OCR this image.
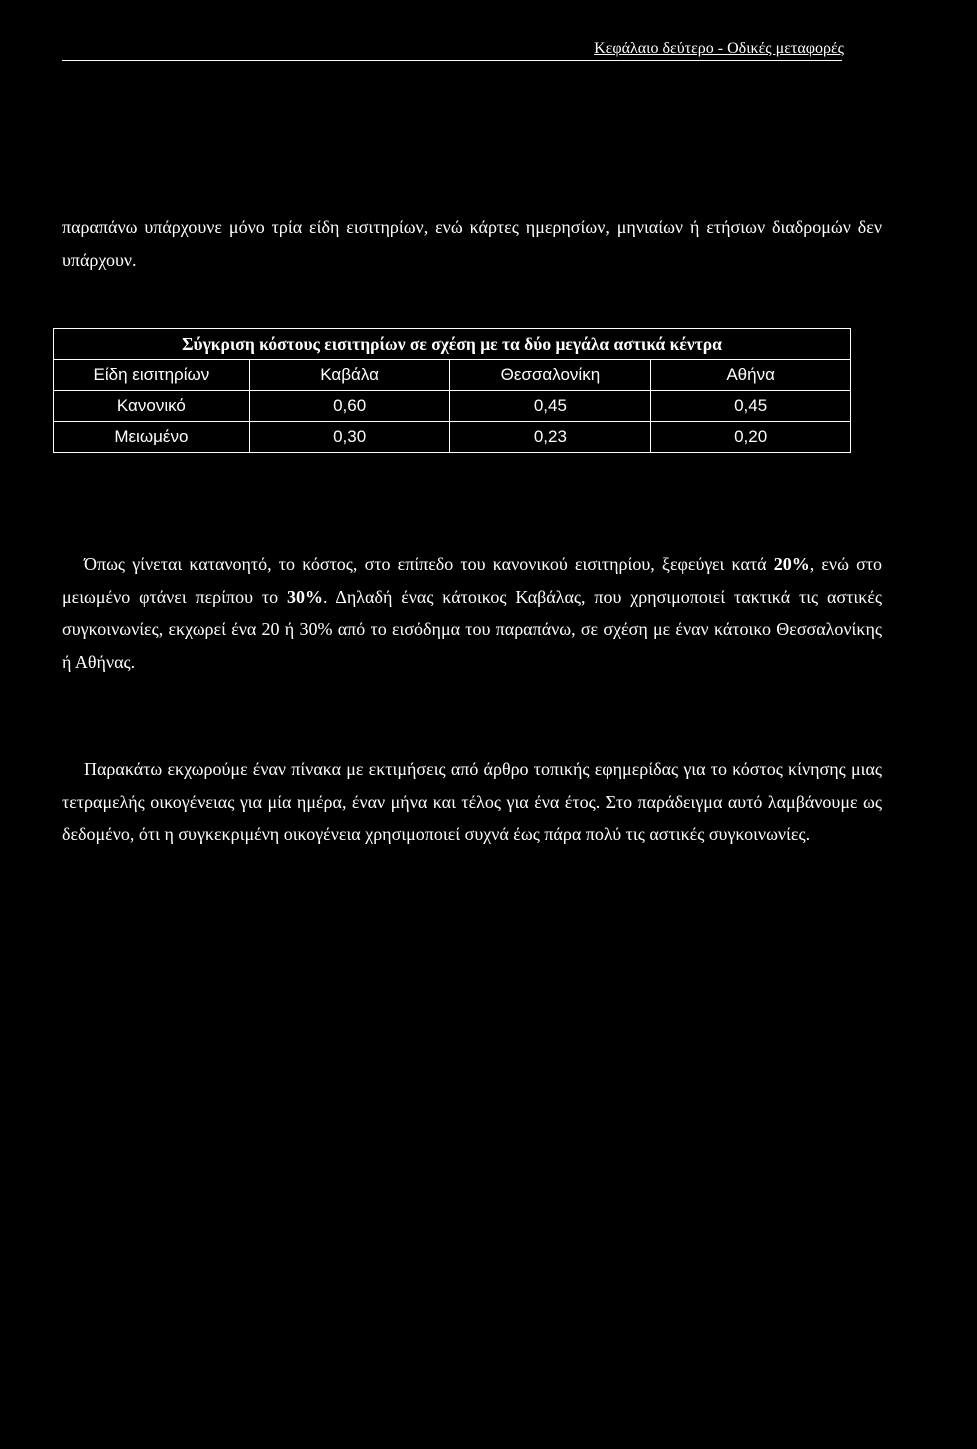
Κεφάλαιο δεύτερο - Οδικές μεταφορές

παραπάνω υπάρχουνε μόνο τρία είδη εισιτηρίων, ενώ κάρτες ημερησίων, μηνιαίων ή ετήσιων διαδρομών δεν υπάρχουν.

Σύγκριση κόστους εισιτηρίων σε σχέση με τα δύο μεγάλα αστικά κέντρα			
Είδη εισιτηρίων	Καβάλα	Θεσσαλονίκη	Αθήνα
Κανονικό	0,60	0,45	0,45
Μειωμένο	0,30	0,23	0,20

Όπως γίνεται κατανοητό, το κόστος, στο επίπεδο του κανονικού εισιτηρίου, ξεφεύγει κατά 20%, ενώ στο μειωμένο φτάνει περίπου το 30%. Δηλαδή ένας κάτοικος Καβάλας, που χρησιμοποιεί τακτικά τις αστικές συγκοινωνίες, εκχωρεί ένα 20 ή 30% από το εισόδημα του παραπάνω, σε σχέση με έναν κάτοικο Θεσσαλονίκης ή Αθήνας.

Παρακάτω εκχωρούμε έναν πίνακα με εκτιμήσεις από άρθρο τοπικής εφημερίδας για το κόστος κίνησης μιας τετραμελής οικογένειας για μία ημέρα, έναν μήνα και τέλος για ένα έτος. Στο παράδειγμα αυτό λαμβάνουμε ως δεδομένο, ότι η συγκεκριμένη οικογένεια χρησιμοποιεί συχνά έως πάρα πολύ τις αστικές συγκοινωνίες.
